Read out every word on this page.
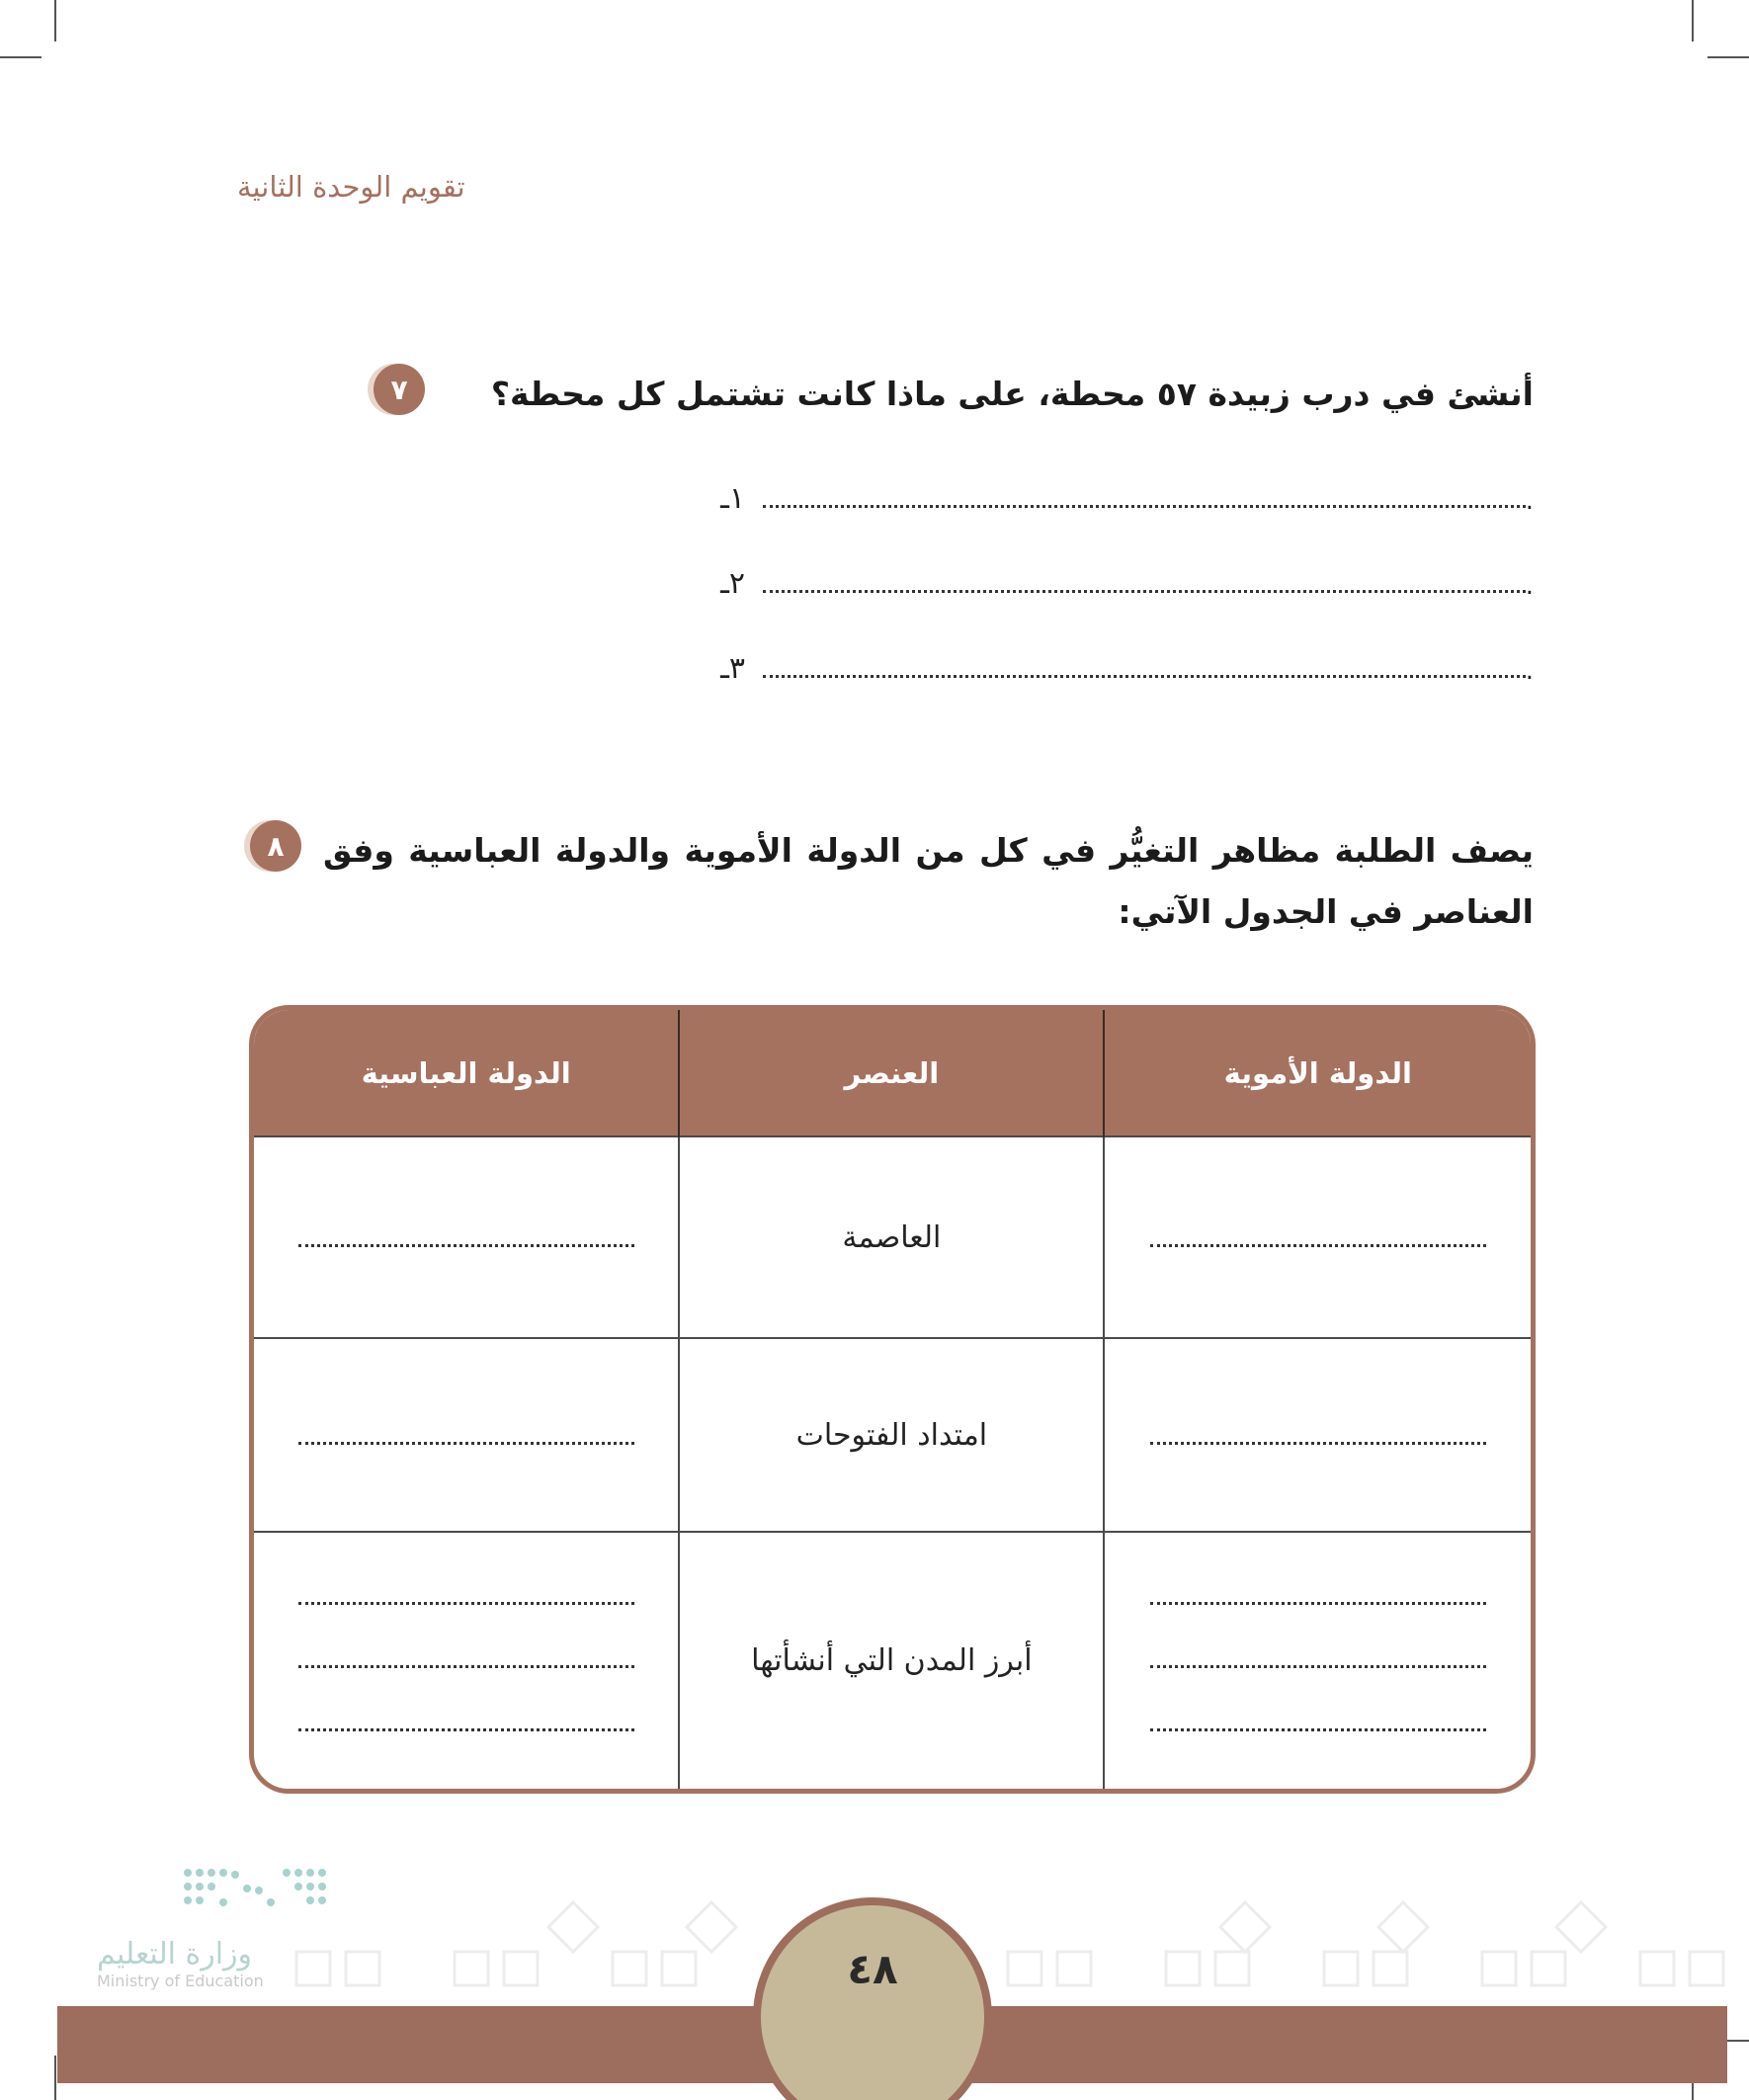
تقويم الوحدة الثانية
٧	أنشئ في درب زبيدة ٥٧ محطة، على ماذا كانت تشتمل كل محطة؟
١ـ	.
٢ـ	.
٣ـ	.
٨	يصف الطلبة مظاهر التغيُّر في كل من الدولة الأموية والدولة العباسية وفق العناصر في الجدول الآتي:
الدولة الأموية	العنصر	الدولة العباسية
	العاصمة	
	امتداد الفتوحات	

	أبرز المدن التي أنشأتها	
وزارة التعليم
Ministry of Education	٤٨
